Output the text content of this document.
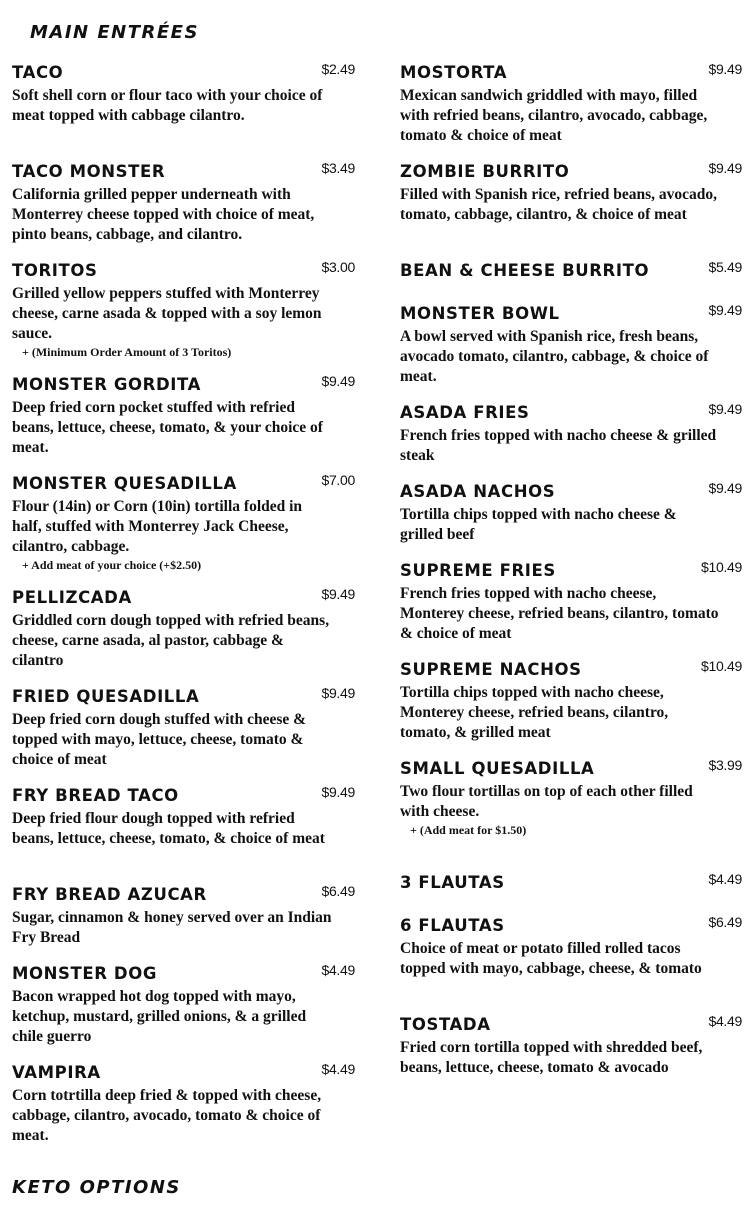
MAIN ENTRÉES
TACO	$2.49

Soft shell corn or flour taco with your choice of meat topped with cabbage cilantro.

TACO MONSTER	$3.49

California grilled pepper underneath with Monterrey cheese topped with choice of meat, pinto beans, cabbage, and cilantro.

TORITOS	$3.00

Grilled yellow peppers stuffed with Monterrey cheese, carne asada & topped with a soy lemon sauce.

+ (Minimum Order Amount of 3 Toritos)

MONSTER GORDITA	$9.49

Deep fried corn pocket stuffed with refried beans, lettuce, cheese, tomato, & your choice of meat.

MONSTER QUESADILLA	$7.00

Flour (14in) or Corn (10in) tortilla folded in half, stuffed with Monterrey Jack Cheese, cilantro, cabbage.

+ Add meat of your choice (+$2.50)

PELLIZCADA	$9.49

Griddled corn dough topped with refried beans, cheese, carne asada, al pastor, cabbage & cilantro

FRIED QUESADILLA	$9.49

Deep fried corn dough stuffed with cheese & topped with mayo, lettuce, cheese, tomato & choice of meat

FRY BREAD TACO	$9.49

Deep fried flour dough topped with refried beans, lettuce, cheese, tomato, & choice of meat

FRY BREAD AZUCAR	$6.49

Sugar, cinnamon & honey served over an Indian Fry Bread

MONSTER DOG	$4.49

Bacon wrapped hot dog topped with mayo, ketchup, mustard, grilled onions, & a grilled chile guerro

VAMPIRA	$4.49

Corn totrtilla deep fried & topped with cheese, cabbage, cilantro, avocado, tomato & choice of meat.

MOSTORTA	$9.49

Mexican sandwich griddled with mayo, filled with refried beans, cilantro, avocado, cabbage, tomato & choice of meat

ZOMBIE BURRITO	$9.49

Filled with Spanish rice, refried beans, avocado, tomato, cabbage, cilantro, & choice of meat

BEAN & CHEESE BURRITO	$5.49
MONSTER BOWL	$9.49

A bowl served with Spanish rice, fresh beans, avocado tomato, cilantro, cabbage, & choice of meat.

ASADA FRIES	$9.49

French fries topped with nacho cheese & grilled steak

ASADA NACHOS	$9.49

Tortilla chips topped with nacho cheese & grilled beef

SUPREME FRIES	$10.49

French fries topped with nacho cheese, Monterey cheese, refried beans, cilantro, tomato & choice of meat

SUPREME NACHOS	$10.49

Tortilla chips topped with nacho cheese, Monterey cheese, refried beans, cilantro, tomato, & grilled meat

SMALL QUESADILLA	$3.99

Two flour tortillas on top of each other filled with cheese.

+ (Add meat for $1.50)

3 FLAUTAS	$4.49
6 FLAUTAS	$6.49

Choice of meat or potato filled rolled tacos topped with mayo, cabbage, cheese, & tomato

TOSTADA	$4.49

Fried corn tortilla topped with shredded beef, beans, lettuce, cheese, tomato & avocado

KETO OPTIONS
